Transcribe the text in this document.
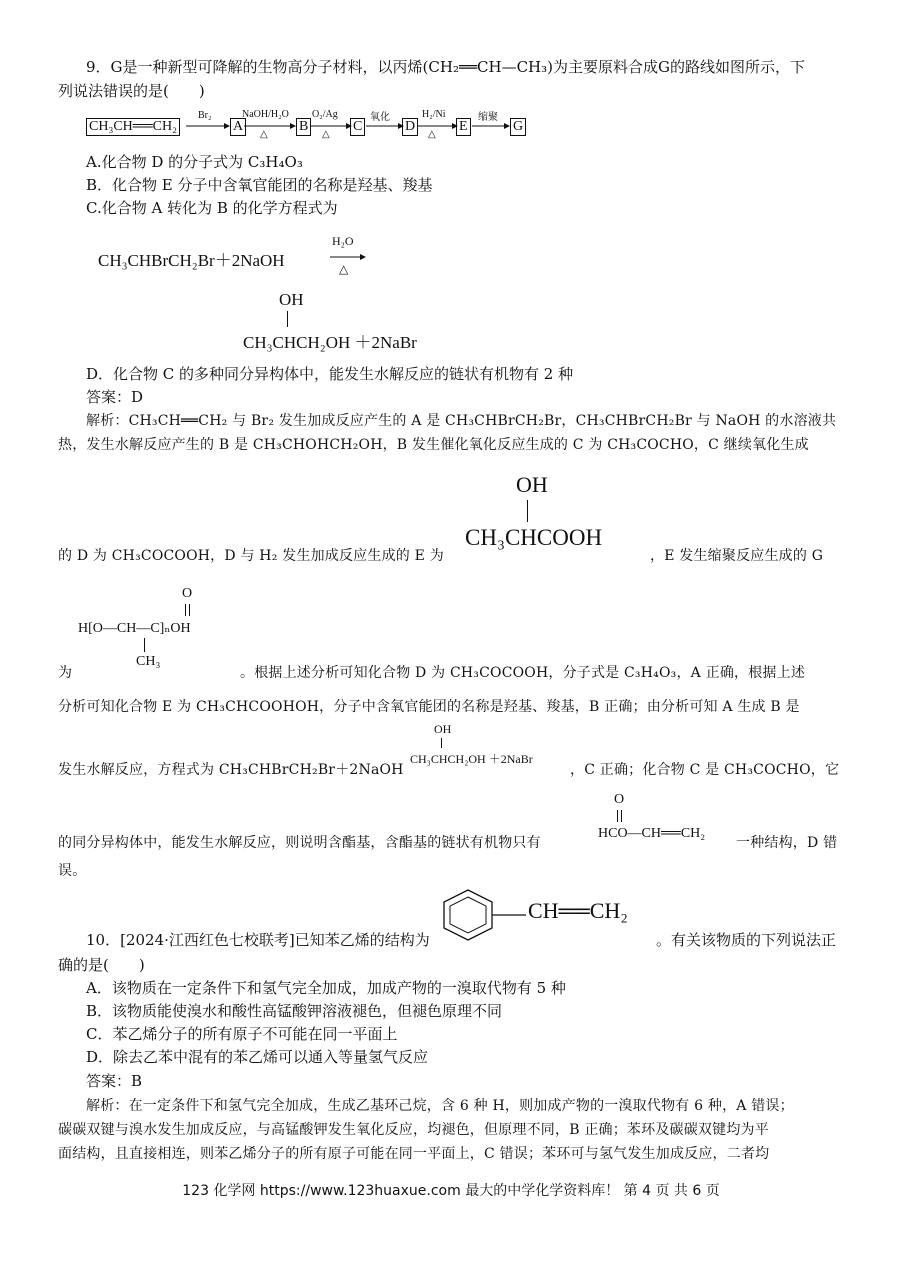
9．G是一种新型可降解的生物高分子材料，以丙烯(CH₂══CH—CH₃)为主要原料合成G的路线如图所示，下
列说法错误的是(　　)
CH₃CH══CH₂
Br₂
A
NaOH/H₂O
△
B
O₂/Ag
△
C
氧化
D
H₂/Ni
△
E
缩聚
G
A.化合物 D 的分子式为 C₃H₄O₃
B．化合物 E 分子中含氧官能团的名称是羟基、羧基
C.化合物 A 转化为 B 的化学方程式为
CH₃CHBrCH₂Br＋2NaOH
H₂O
△
OH
CH₃CHCH₂OH ＋2NaBr
D．化合物 C 的多种同分异构体中，能发生水解反应的链状有机物有 2 种
答案：D
解析：CH₃CH══CH₂ 与 Br₂ 发生加成反应产生的 A 是 CH₃CHBrCH₂Br，CH₃CHBrCH₂Br 与 NaOH 的水溶液共
热，发生水解反应产生的 B 是 CH₃CHOHCH₂OH，B 发生催化氧化反应生成的 C 为 CH₃COCHO，C 继续氧化生成
OH
CH₃CHCOOH
的 D 为 CH₃COCOOH，D 与 H₂ 发生加成反应生成的 E 为	，E 发生缩聚反应生成的 G
O
H[O—CH—C]ₙOH
CH₃
为	。根据上述分析可知化合物 D 为 CH₃COCOOH，分子式是 C₃H₄O₃，A 正确，根据上述
分析可知化合物 E 为 CH₃CHCOOHOH，分子中含氧官能团的名称是羟基、羧基，B 正确；由分析可知 A 生成 B 是
发生水解反应，方程式为 CH₃CHBrCH₂Br＋2NaOH
OH
CH₃CHCH₂OH ＋2NaBr
，C 正确；化合物 C 是 CH₃COCHO，它
的同分异构体中，能发生水解反应，则说明含酯基，含酯基的链状有机物只有
O
HCO—CH══CH₂
一种结构，D 错
误。
10．[2024·江西红色七校联考]已知苯乙烯的结构为
CH══CH₂
。有关该物质的下列说法正
确的是(　　)
A．该物质在一定条件下和氢气完全加成，加成产物的一溴取代物有 5 种
B．该物质能使溴水和酸性高锰酸钾溶液褪色，但褪色原理不同
C．苯乙烯分子的所有原子不可能在同一平面上
D．除去乙苯中混有的苯乙烯可以通入等量氢气反应
答案：B
解析：在一定条件下和氢气完全加成，生成乙基环己烷，含 6 种 H，则加成产物的一溴取代物有 6 种，A 错误；
碳碳双键与溴水发生加成反应，与高锰酸钾发生氧化反应，均褪色，但原理不同，B 正确；苯环及碳碳双键均为平
面结构，且直接相连，则苯乙烯分子的所有原子可能在同一平面上，C 错误；苯环可与氢气发生加成反应，二者均
123 化学网 https://www.123huaxue.com 最大的中学化学资料库！ 第 4 页 共 6 页
